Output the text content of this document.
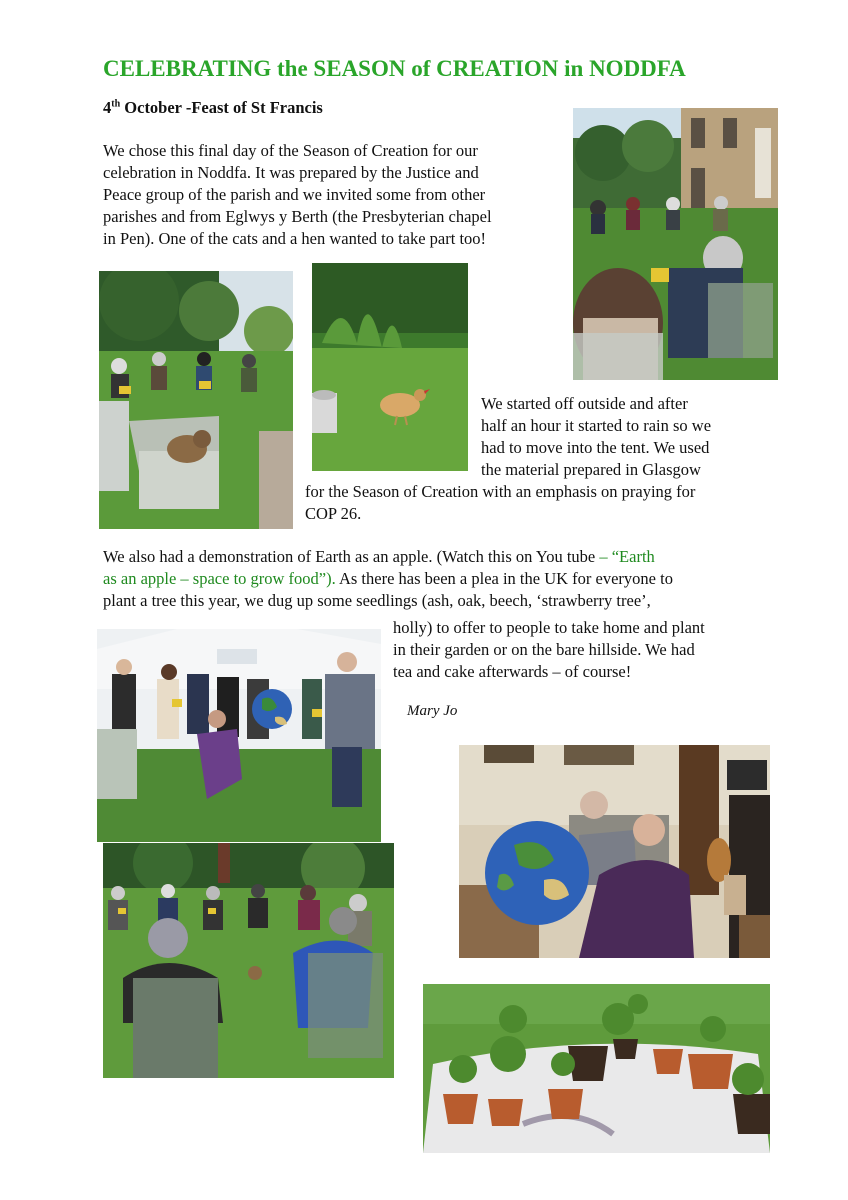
CELEBRATING the SEASON of CREATION in NODDFA
4th October -Feast of St Francis
We chose this final day of the Season of Creation for our
celebration in Noddfa. It was prepared by the Justice and
Peace group of the parish and we invited some from other
parishes and from Eglwys y Berth (the Presbyterian chapel
in Pen). One of the cats and a hen wanted to take part too!
We started off outside and after
half an hour it started to rain so we
had to move into the tent. We used
the material prepared in Glasgow
for the Season of Creation with an emphasis on praying for
COP 26.
We also had a demonstration of Earth as an apple. (Watch this on You tube – “Earth
as an apple – space to grow food”). As there has been a plea in the UK for everyone to
plant a tree this year, we dug up some seedlings (ash, oak, beech, ‘strawberry tree’,
holly) to offer to people to take home and plant
in their garden or on the bare hillside. We had
tea and cake afterwards – of course!
Mary Jo
